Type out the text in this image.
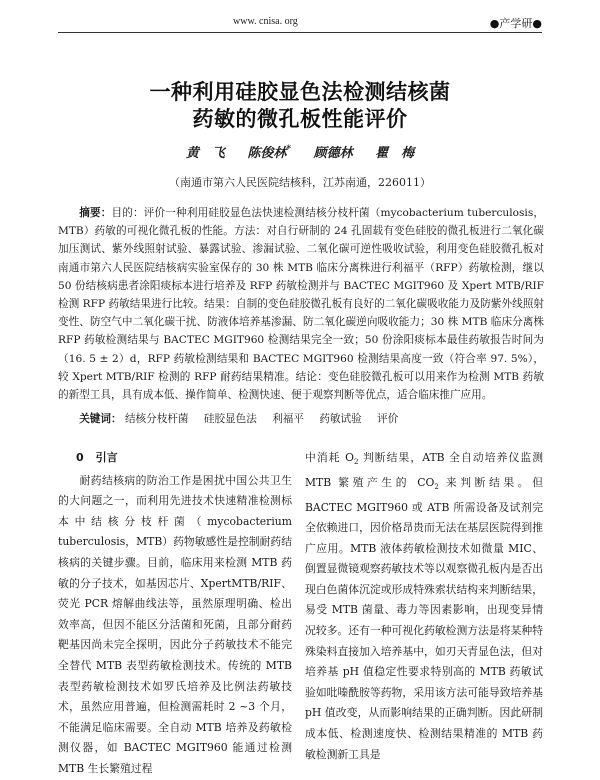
www. cnisa. org	●产学研●
一种利用硅胶显色法检测结核菌
药敏的微孔板性能评价
黄　飞 陈俊林* 顾德林 瞿　梅
（南通市第六人民医院结核科，江苏南通，226011）
摘要：目的：评价一种利用硅胶显色法快速检测结核分枝杆菌（mycobacterium tuberculosis，MTB）药敏的可视化微孔板的性能。方法：对自行研制的 24 孔固载有变色硅胶的微孔板进行二氧化碳加压测试、紫外线照射试验、暴露试验、渗漏试验、二氧化碳可逆性吸收试验，利用变色硅胶微孔板对南通市第六人民医院结核病实验室保存的 30 株 MTB 临床分离株进行利福平（RFP）药敏检测，继以 50 份结核病患者涂阳痰标本进行培养及 RFP 药敏检测并与 BACTEC MGIT960 及 Xpert MTB/RIF 检测 RFP 药敏结果进行比较。结果：自制的变色硅胶微孔板有良好的二氧化碳吸收能力及防紫外线照射变性、防空气中二氧化碳干扰、防液体培养基渗漏、防二氧化碳逆向吸收能力；30 株 MTB 临床分离株 RFP 药敏检测结果与 BACTEC MGIT960 检测结果完全一致；50 份涂阳痰标本最佳药敏报告时间为（16. 5 ± 2）d，RFP 药敏检测结果和 BACTEC MGIT960 检测结果高度一致（符合率 97. 5%），较 Xpert MTB/RIF 检测的 RFP 耐药结果精准。结论：变色硅胶微孔板可以用来作为检测 MTB 药敏的新型工具，具有成本低、操作简单、检测快速、便于观察判断等优点，适合临床推广应用。
关键词： 结核分枝杆菌 硅胶显色法 利福平 药敏试验 评价
0 引言
耐药结核病的防治工作是困扰中国公共卫生的大问题之一，而利用先进技术快速精准检测标本中结核分枝杆菌（mycobacterium tuberculosis，MTB）药物敏感性是控制耐药结核病的关键步骤。目前，临床用来检测 MTB 药敏的分子技术，如基因芯片、XpertMTB/RIF、荧光 PCR 熔解曲线法等，虽然原理明确、检出效率高，但因不能区分活菌和死菌，且部分耐药靶基因尚未完全探明，因此分子药敏技术不能完全替代 MTB 表型药敏检测技术。传统的 MTB 表型药敏检测技术如罗氏培养及比例法药敏技术，虽然应用普遍，但检测需耗时 2 ~3 个月，不能满足临床需要。全自动 MTB 培养及药敏检测仪器，如 BACTEC MGIT960 能通过检测 MTB 生长繁殖过程
中消耗 $O_2$ 判断结果，ATB 全自动培养仪监测 MTB 繁殖产生的 $CO_2$ 来判断结果。但 BACTEC MGIT960 或 ATB 所需设备及试剂完全依赖进口，因价格昂贵而无法在基层医院得到推广应用。MTB 液体药敏检测技术如微量 MIC、倒置显微镜观察药敏技术等以观察微孔板内是否出现白色菌体沉淀或形成特殊索状结构来判断结果，易受 MTB 菌量、毒力等因素影响，出现变异情况较多。还有一种可视化药敏检测方法是将某种特殊染料直接加入培养基中，如刃天青显色法，但对培养基 pH 值稳定性要求特别高的 MTB 药敏试验如吡嗪酰胺等药物，采用该方法可能导致培养基 pH 值改变，从而影响结果的正确判断。因此研制成本低、检测速度快、检测结果精准的 MTB 药敏检测新工具是
